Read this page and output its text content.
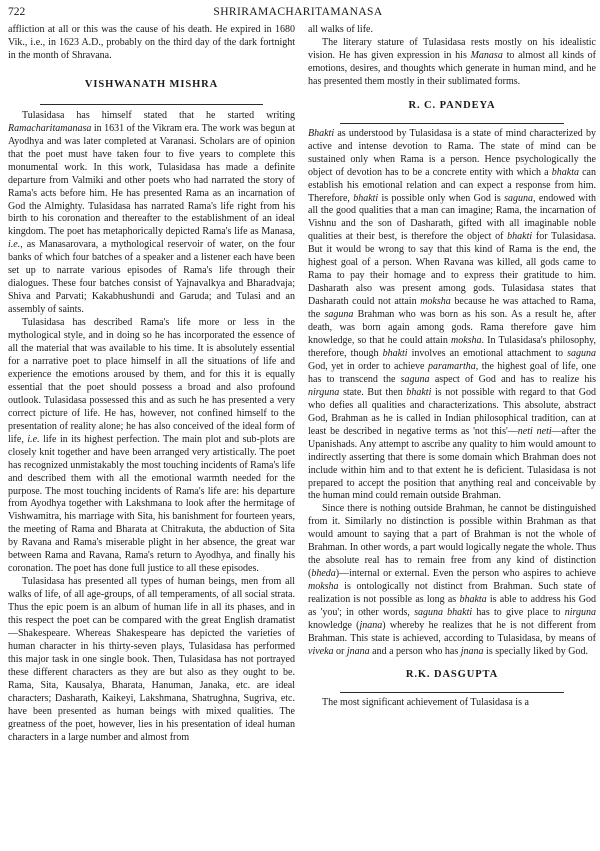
722	SHRIRAMACHARITAMANASA

affliction at all or this was the cause of his death. He expired in 1680 Vik., i.e., in 1623 A.D., probably on the third day of the dark fortnight in the month of Shravana.

VISHWANATH MISHRA

Tulasidasa has himself stated that he started writing Ramacharitamanasa in 1631 of the Vikram era. The work was begun at Ayodhya and was later completed at Varanasi. Scholars are of opinion that the poet must have taken four to five years to complete this monumental work. In this work, Tulasidasa has made a definite departure from Valmiki and other poets who had narrated the story of Rama's acts before him. He has presented Rama as an incarnation of God the Almighty. Tulasidasa has narrated Rama's life right from his birth to his coronation and thereafter to the establishment of an ideal kingdom. The poet has metaphorically depicted Rama's life as Manasa, i.e., as Manasarovara, a mythological reservoir of water, on the four banks of which four batches of a speaker and a listener each have been set up to narrate various episodes of Rama's life through their dialogues. These four batches consist of Yajnavalkya and Bharadvaja; Shiva and Parvati; Kakabhushundi and Garuda; and Tulasi and an assembly of saints.

Tulasidasa has described Rama's life more or less in the mythological style, and in doing so he has incorporated the essence of all the material that was available to his time. It is absolutely essential for a narrative poet to place himself in all the situations of life and experience the emotions aroused by them, and for this it is equally essential that the poet should possess a broad and also profound outlook. Tulasidasa possessed this and as such he has presented a very correct picture of life. He has, however, not confined himself to the presentation of reality alone; he has also conceived of the ideal form of life, i.e. life in its highest perfection. The main plot and sub-plots are closely knit together and have been arranged very artistically. The poet has recognized unmistakably the most touching incidents of Rama's life and described them with all the emotional warmth needed for the purpose. The most touching incidents of Rama's life are: his departure from Ayodhya together with Lakshmana to look after the hermitage of Vishwamitra, his marriage with Sita, his banishment for fourteen years, the meeting of Rama and Bharata at Chitrakuta, the abduction of Sita by Ravana and Rama's miserable plight in her absence, the great war between Rama and Ravana, Rama's return to Ayodhya, and finally his coronation. The poet has done full justice to all these episodes.

Tulasidasa has presented all types of human beings, men from all walks of life, of all age-groups, of all temperaments, of all social strata. Thus the epic poem is an album of human life in all its phases, and in this respect the poet can be compared with the great English dramatist—Shakespeare. Whereas Shakespeare has depicted the varieties of human character in his thirty-seven plays, Tulasidasa has performed this major task in one single book. Then, Tulasidasa has not portrayed these different characters as they are but also as they ought to be. Rama, Sita, Kausalya, Bharata, Hanuman, Janaka, etc. are ideal characters; Dasharath, Kaikeyi, Lakshmana, Shatrughna, Sugriva, etc. have been presented as human beings with mixed qualities. The greatness of the poet, however, lies in his presentation of ideal human characters in a large number and almost from

all walks of life.

The literary stature of Tulasidasa rests mostly on his idealistic vision. He has given expression in his Manasa to almost all kinds of emotions, desires, and thoughts which generate in human mind, and he has presented them mostly in their sublimated forms.

R. C. PANDEYA

Bhakti as understood by Tulasidasa is a state of mind characterized by active and intense devotion to Rama. The state of mind can be sustained only when Rama is a person. Hence psychologically the object of devotion has to be a concrete entity with which a bhakta can establish his emotional relation and can expect a response from him. Therefore, bhakti is possible only when God is saguna, endowed with all the good qualities that a man can imagine; Rama, the incarnation of Vishnu and the son of Dasharath, gifted with all imaginable noble qualities at their best, is therefore the object of bhakti for Tulasidasa. But it would be wrong to say that this kind of Rama is the end, the highest goal of a person. When Ravana was killed, all gods came to Rama to pay their homage and to express their gratitude to him. Dasharath also was present among gods. Tulasidasa states that Dasharath could not attain moksha because he was attached to Rama, the saguna Brahman who was born as his son. As a result he, after death, was born again among gods. Rama therefore gave him knowledge, so that he could attain moksha. In Tulasidasa's philosophy, therefore, though bhakti involves an emotional attachment to saguna God, yet in order to achieve paramartha, the highest goal of life, one has to transcend the saguna aspect of God and has to realize his nirguna state. But then bhakti is not possible with regard to that God who defies all qualities and characterizations. This absolute, abstract God, Brahman as he is called in Indian philosophical tradition, can at least be described in negative terms as 'not this'—neti neti—after the Upanishads. Any attempt to ascribe any quality to him would amount to indirectly asserting that there is some domain which Brahman does not include within him and to that extent he is deficient. Tulasidasa is not prepared to accept the position that anything real and conceivable by the human mind could remain outside Brahman.

Since there is nothing outside Brahman, he cannot be distinguished from it. Similarly no distinction is possible within Brahman as that would amount to saying that a part of Brahman is not the whole of Brahman. In other words, a part would logically negate the whole. Thus the absolute real has to remain free from any kind of distinction (bheda)—internal or external. Even the person who aspires to achieve moksha is ontologically not distinct from Brahman. Such state of realization is not possible as long as bhakta is able to address his God as 'you'; in other words, saguna bhakti has to give place to nirguna knowledge (jnana) whereby he realizes that he is not different from Brahman. This state is achieved, according to Tulasidasa, by means of viveka or jnana and a person who has jnana is specially liked by God.

R.K. DASGUPTA

The most significant achievement of Tulasidasa is a
